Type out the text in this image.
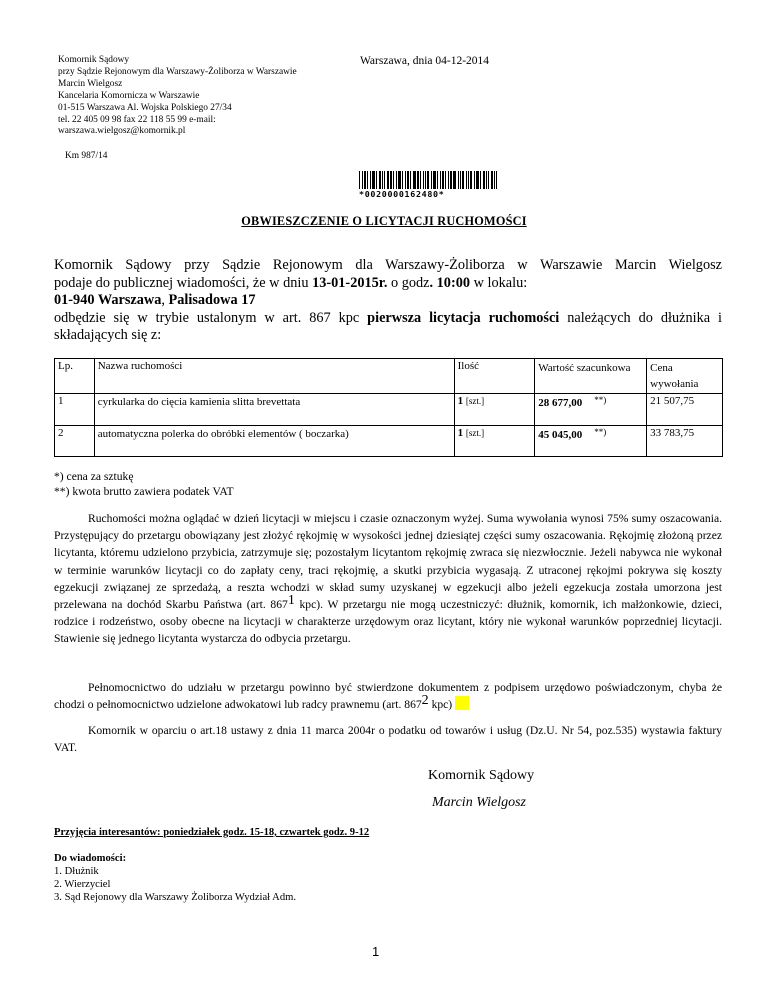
Komornik Sądowy
przy Sądzie Rejonowym dla Warszawy-Żoliborza w Warszawie
Marcin Wielgosz
Kancelaria Komornicza w Warszawie
01-515 Warszawa Al. Wojska Polskiego 27/34
tel. 22 405 09 98 fax 22 118 55 99 e-mail:
warszawa.wielgosz@komornik.pl
Warszawa, dnia 04-12-2014
Km 987/14
*0020000162480*
OBWIESZCZENIE O LICYTACJI RUCHOMOŚCI

Komornik Sądowy przy Sądzie Rejonowym dla Warszawy-Żoliborza w Warszawie Marcin Wielgosz

podaje do publicznej wiadomości, że w dniu 13-01-2015r. o godz. 10:00 w lokalu:

01-940 Warszawa, Palisadowa 17

odbędzie się w trybie ustalonym w art. 867 kpc pierwsza licytacja ruchomości należących do dłużnika i

składających się z:

Lp.	Nazwa ruchomości	Ilość	Wartość szacunkowa	Cena wywołania
1	cyrkularka do cięcia kamienia slitta brevettata	1 [szt.]	28 677,00 **)	21 507,75
2	automatyczna polerka do obróbki elementów ( boczarka)	1 [szt.]	45 045,00 **)	33 783,75
*) cena za sztukę
**) kwota brutto zawiera podatek VAT

Ruchomości można oglądać w dzień licytacji w miejscu i czasie oznaczonym wyżej. Suma wywołania wynosi 75% sumy oszacowania. Przystępujący do przetargu obowiązany jest złożyć rękojmię w wysokości jednej dziesiątej części sumy oszacowania. Rękojmię złożoną przez licytanta, któremu udzielono przybicia, zatrzymuje się; pozostałym licytantom rękojmię zwraca się niezwłocznie. Jeżeli nabywca nie wykonał w terminie warunków licytacji co do zapłaty ceny, traci rękojmię, a skutki przybicia wygasają. Z utraconej rękojmi pokrywa się koszty egzekucji związanej ze sprzedażą, a reszta wchodzi w skład sumy uzyskanej w egzekucji albo jeżeli egzekucja została umorzona jest przelewana na dochód Skarbu Państwa (art. $867^1$ kpc). W przetargu nie mogą uczestniczyć: dłużnik, komornik, ich małżonkowie, dzieci, rodzice i rodzeństwo, osoby obecne na licytacji w charakterze urzędowym oraz licytant, który nie wykonał warunków poprzedniej licytacji. Stawienie się jednego licytanta wystarcza do odbycia przetargu.

Pełnomocnictwo do udziału w przetargu powinno być stwierdzone dokumentem z podpisem urzędowo poświadczonym, chyba że chodzi o pełnomocnictwo udzielone adwokatowi lub radcy prawnemu (art. $867^2$ kpc)

Komornik w oparciu o art.18 ustawy z dnia 11 marca 2004r o podatku od towarów i usług (Dz.U. Nr 54, poz.535) wystawia faktury VAT.

Komornik Sądowy
Marcin Wielgosz
Przyjęcia interesantów: poniedziałek godz. 15-18, czwartek godz. 9-12
Do wiadomości:
1. Dłużnik
2. Wierzyciel
3. Sąd Rejonowy dla Warszawy Żoliborza Wydział Adm.
1
